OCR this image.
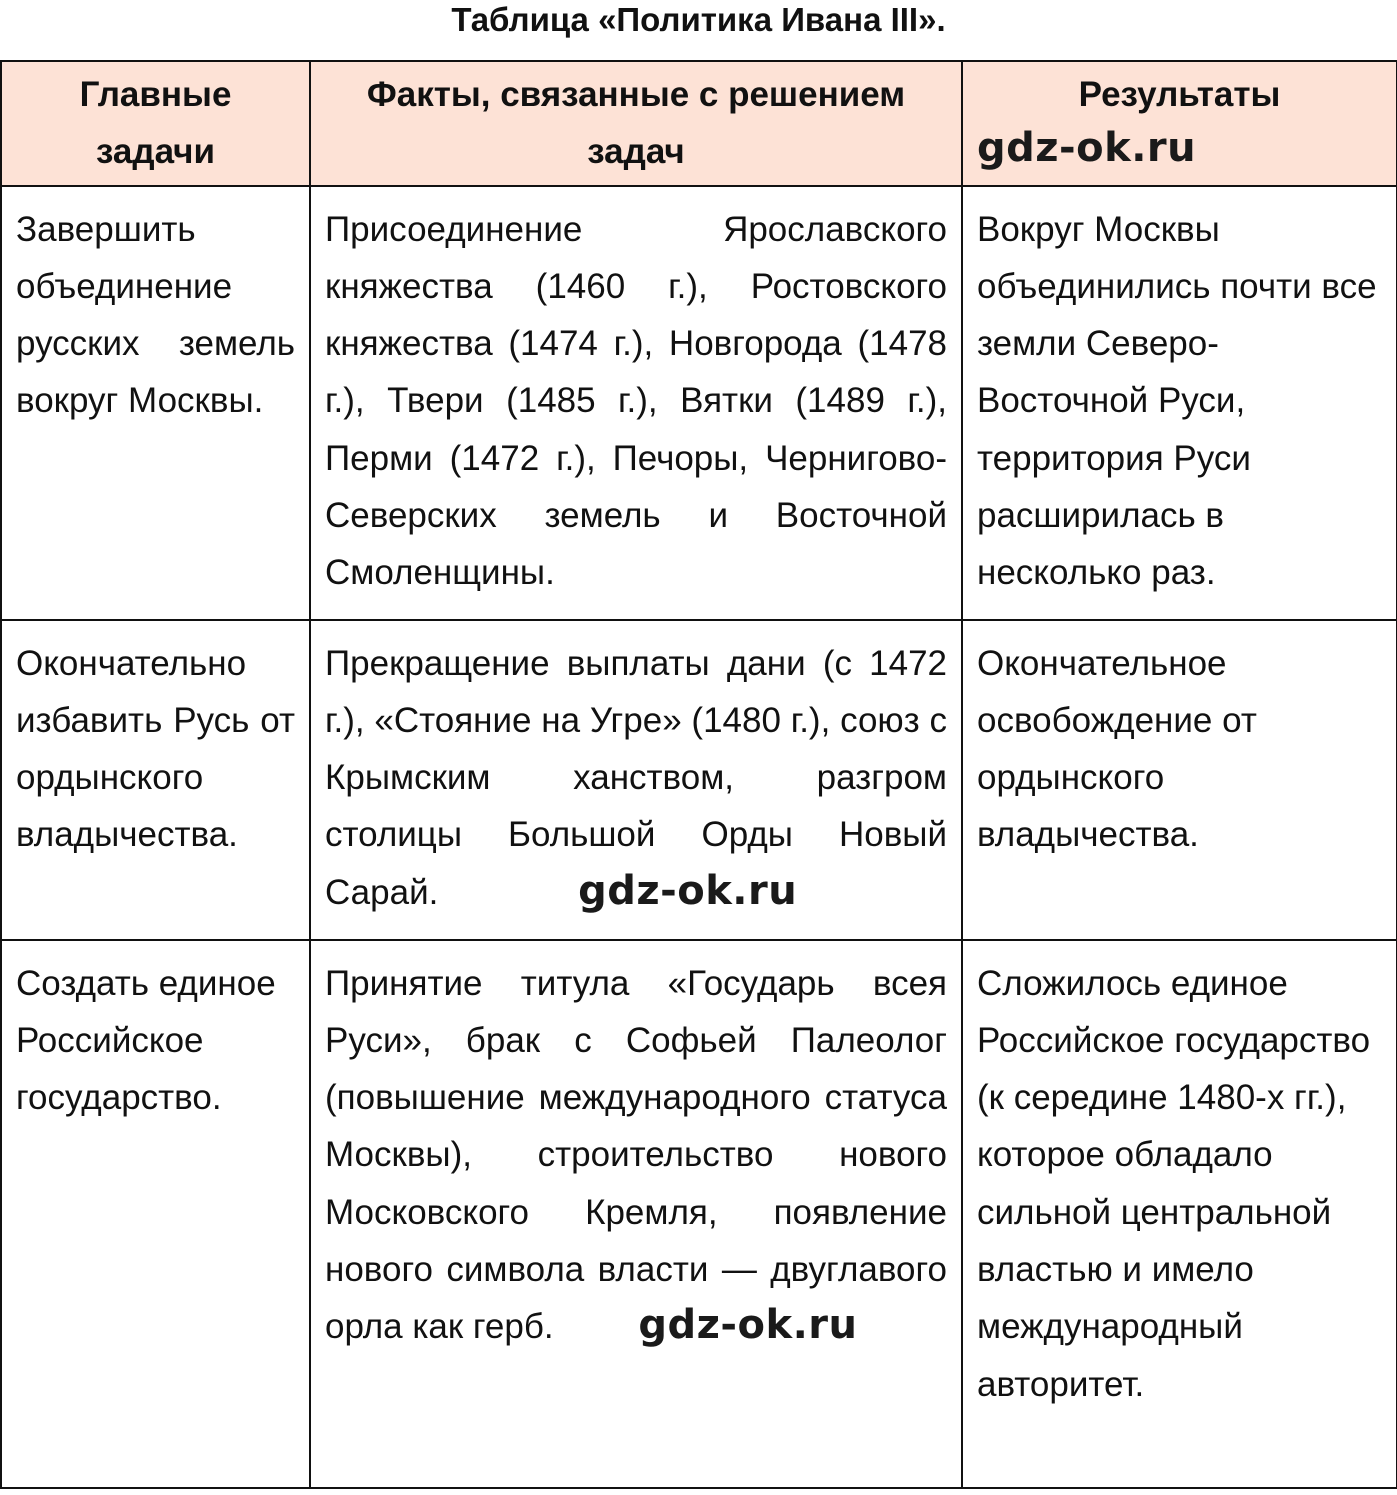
Таблица «Политика Ивана III».
Главные задачи	Факты, связанные с решением задач	Результаты
gdz-ok.ru

Завершить объединение русских земель вокруг Москвы.	Присоединение Ярославского княжества (1460 г.), Ростовского княжества (1474 г.), Новгорода (1478 г.), Твери (1485 г.), Вятки (1489 г.), Перми (1472 г.), Печоры, Чернигово-Северских земель и Восточной Смоленщины.	Вокруг Москвы объединились почти все земли Северо-Восточной Руси, территория Руси расширилась в несколько раз.
Окончательно избавить Русь от ордынского владычества.	Прекращение выплаты дани (с 1472 г.), «Стояние на Угре» (1480 г.), союз с Крымским ханством, разгром столицы Большой Орды Новый Сарай. gdz-ok.ru	Окончательное освобождение от ордынского владычества.
Создать единое Российское государство.	Принятие титула «Государь всея Руси», брак с Софьей Палеолог (повышение международного статуса Москвы), строительство нового Московского Кремля, появление нового символа власти — двуглавого орла как герб. gdz-ok.ru	Сложилось единое Российское государство (к середине 1480-х гг.), которое обладало сильной центральной властью и имело международный авторитет.
